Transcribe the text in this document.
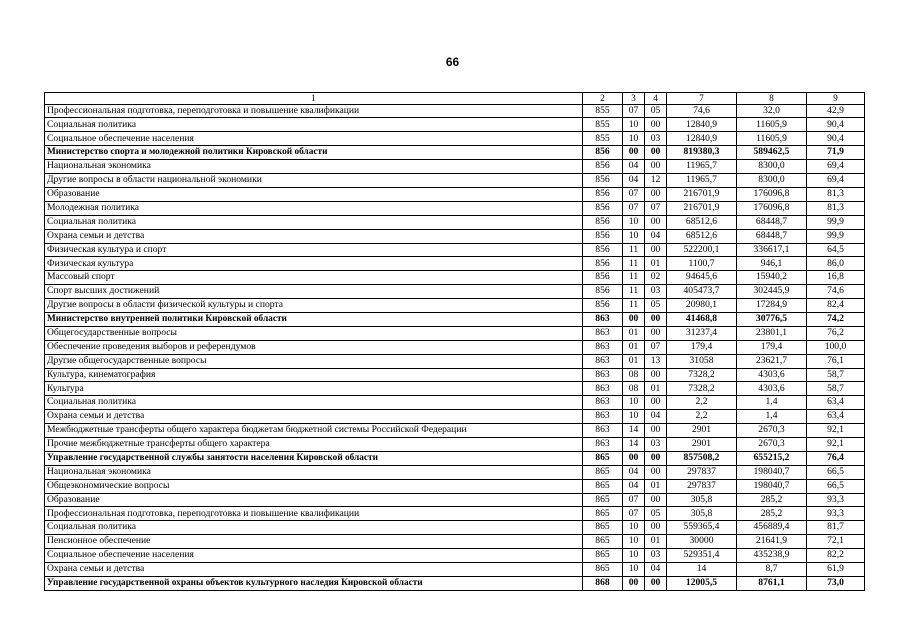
66
1	2	3	4	7	8	9
Профессиональная подготовка, переподготовка и повышение квалификации	855	07	05	74,6	32,0	42,9
Социальная политика	855	10	00	12840,9	11605,9	90,4
Социальное обеспечение населения	855	10	03	12840,9	11605,9	90,4
Министерство спорта и молодежной политики Кировской области	856	00	00	819380,3	589462,5	71,9
Национальная экономика	856	04	00	11965,7	8300,0	69,4
Другие вопросы в области национальной экономики	856	04	12	11965,7	8300,0	69,4
Образование	856	07	00	216701,9	176096,8	81,3
Молодежная политика	856	07	07	216701,9	176096,8	81,3
Социальная политика	856	10	00	68512,6	68448,7	99,9
Охрана семьи и детства	856	10	04	68512,6	68448,7	99,9
Физическая культура и спорт	856	11	00	522200,1	336617,1	64,5
Физическая культура	856	11	01	1100,7	946,1	86,0
Массовый спорт	856	11	02	94645,6	15940,2	16,8
Спорт высших достижений	856	11	03	405473,7	302445,9	74,6
Другие вопросы в области физической культуры и спорта	856	11	05	20980,1	17284,9	82,4
Министерство внутренней политики Кировской области	863	00	00	41468,8	30776,5	74,2
Общегосударственные вопросы	863	01	00	31237,4	23801,1	76,2
Обеспечение проведения выборов и референдумов	863	01	07	179,4	179,4	100,0
Другие общегосударственные вопросы	863	01	13	31058	23621,7	76,1
Культура, кинематография	863	08	00	7328,2	4303,6	58,7
Культура	863	08	01	7328,2	4303,6	58,7
Социальная политика	863	10	00	2,2	1,4	63,4
Охрана семьи и детства	863	10	04	2,2	1,4	63,4
Межбюджетные трансферты общего характера бюджетам бюджетной системы Российской Федерации	863	14	00	2901	2670,3	92,1
Прочие межбюджетные трансферты общего характера	863	14	03	2901	2670,3	92,1
Управление государственной службы занятости населения Кировской области	865	00	00	857508,2	655215,2	76,4
Национальная экономика	865	04	00	297837	198040,7	66,5
Общеэкономические вопросы	865	04	01	297837	198040,7	66,5
Образование	865	07	00	305,8	285,2	93,3
Профессиональная подготовка, переподготовка и повышение квалификации	865	07	05	305,8	285,2	93,3
Социальная политика	865	10	00	559365,4	456889,4	81,7
Пенсионное обеспечение	865	10	01	30000	21641,9	72,1
Социальное обеспечение населения	865	10	03	529351,4	435238,9	82,2
Охрана семьи и детства	865	10	04	14	8,7	61,9
Управление государственной охраны объектов культурного наследия Кировской области	868	00	00	12005,5	8761,1	73,0
